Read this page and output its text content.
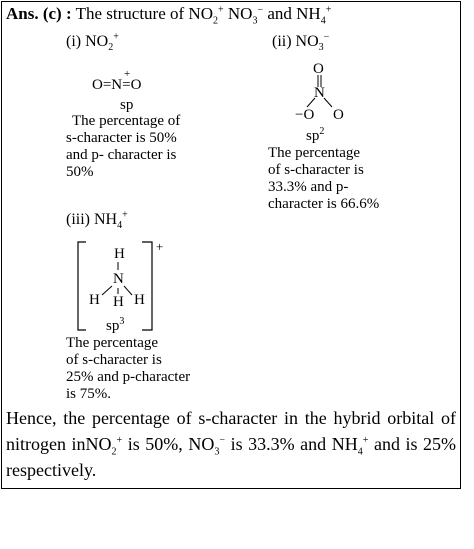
Ans. (c) : The structure of $NO_2^+$ $NO_3^-$ and $NH_4^+$
(i) $NO_2^+$
O=N=O
+
sp
The percentage of
s-character is 50%
and p- character is
50%
(ii) $NO_3^-$
O
N
−O O
$sp^2$
The percentage
of s-character is
33.3% and p-
character is 66.6%
(iii) $NH_4^+$
+
H
N
H H H
$sp^3$
The percentage
of s-character is
25% and p-character
is 75%.
Hence, the percentage of s-character in the hybrid orbital of nitrogen inNO$_2$+ is 50%, $NO_3^-$ is 33.3% and $NH_4^+$ and is 25% respectively.
